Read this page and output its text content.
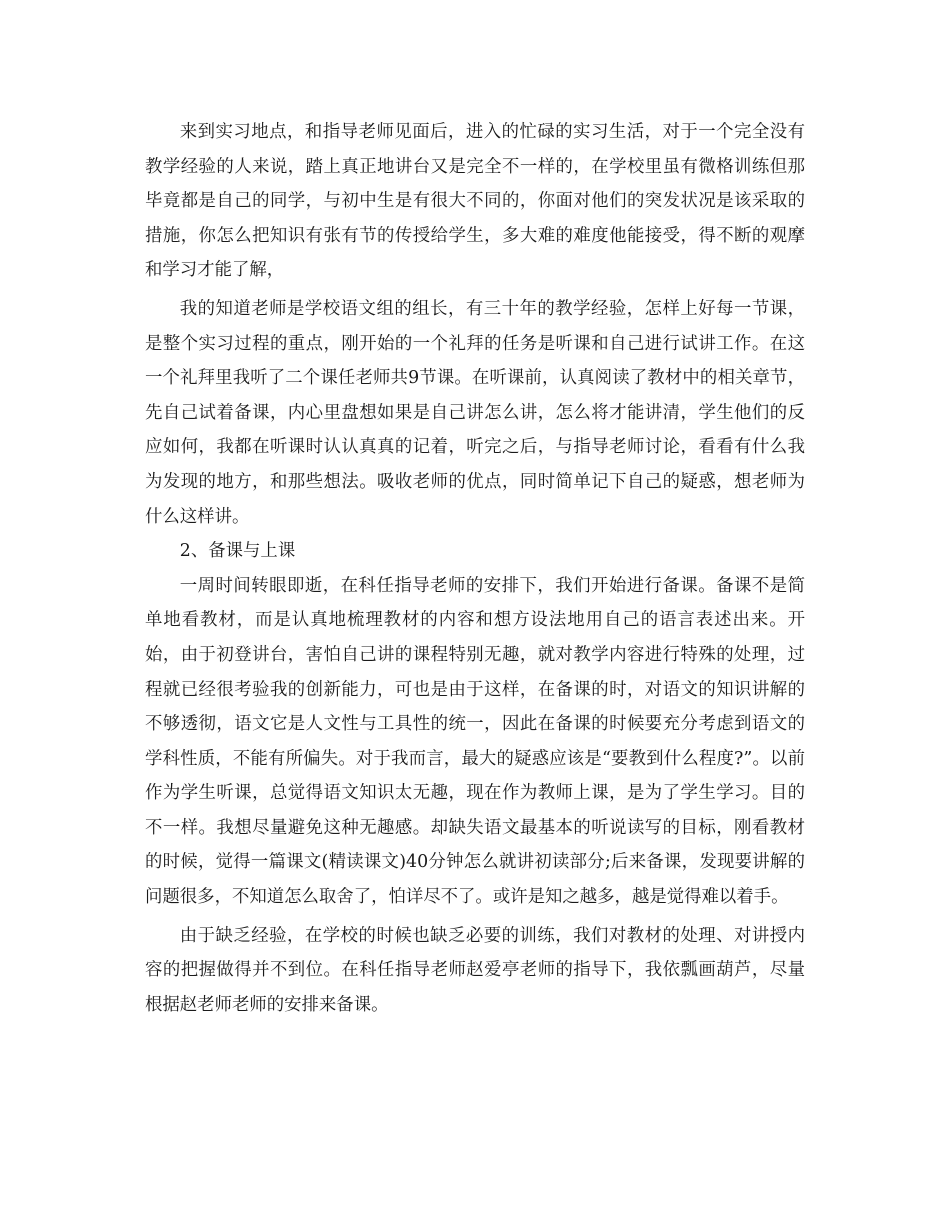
来到实习地点，和指导老师见面后，进入的忙碌的实习生活，对于一个完全没有教学经验的人来说，踏上真正地讲台又是完全不一样的，在学校里虽有微格训练但那毕竟都是自己的同学，与初中生是有很大不同的，你面对他们的突发状况是该采取的措施，你怎么把知识有张有节的传授给学生，多大难的难度他能接受，得不断的观摩和学习才能了解，

我的知道老师是学校语文组的组长，有三十年的教学经验，怎样上好每一节课，是整个实习过程的重点，刚开始的一个礼拜的任务是听课和自己进行试讲工作。在这一个礼拜里我听了二个课任老师共9节课。在听课前，认真阅读了教材中的相关章节，先自己试着备课，内心里盘想如果是自己讲怎么讲，怎么将才能讲清，学生他们的反应如何，我都在听课时认认真真的记着，听完之后，与指导老师讨论，看看有什么我为发现的地方，和那些想法。吸收老师的优点，同时简单记下自己的疑惑，想老师为什么这样讲。

2、备课与上课

一周时间转眼即逝，在科任指导老师的安排下，我们开始进行备课。备课不是简单地看教材，而是认真地梳理教材的内容和想方设法地用自己的语言表述出来。开始，由于初登讲台，害怕自己讲的课程特别无趣，就对教学内容进行特殊的处理，过程就已经很考验我的创新能力，可也是由于这样，在备课的时，对语文的知识讲解的不够透彻，语文它是人文性与工具性的统一，因此在备课的时候要充分考虑到语文的学科性质，不能有所偏失。对于我而言，最大的疑惑应该是“要教到什么程度?”。以前作为学生听课，总觉得语文知识太无趣，现在作为教师上课，是为了学生学习。目的不一样。我想尽量避免这种无趣感。却缺失语文最基本的听说读写的目标，刚看教材的时候，觉得一篇课文(精读课文)40分钟怎么就讲初读部分;后来备课，发现要讲解的问题很多，不知道怎么取舍了，怕详尽不了。或许是知之越多，越是觉得难以着手。

由于缺乏经验，在学校的时候也缺乏必要的训练，我们对教材的处理、对讲授内容的把握做得并不到位。在科任指导老师赵爱亭老师的指导下，我依瓢画葫芦，尽量根据赵老师老师的安排来备课。
